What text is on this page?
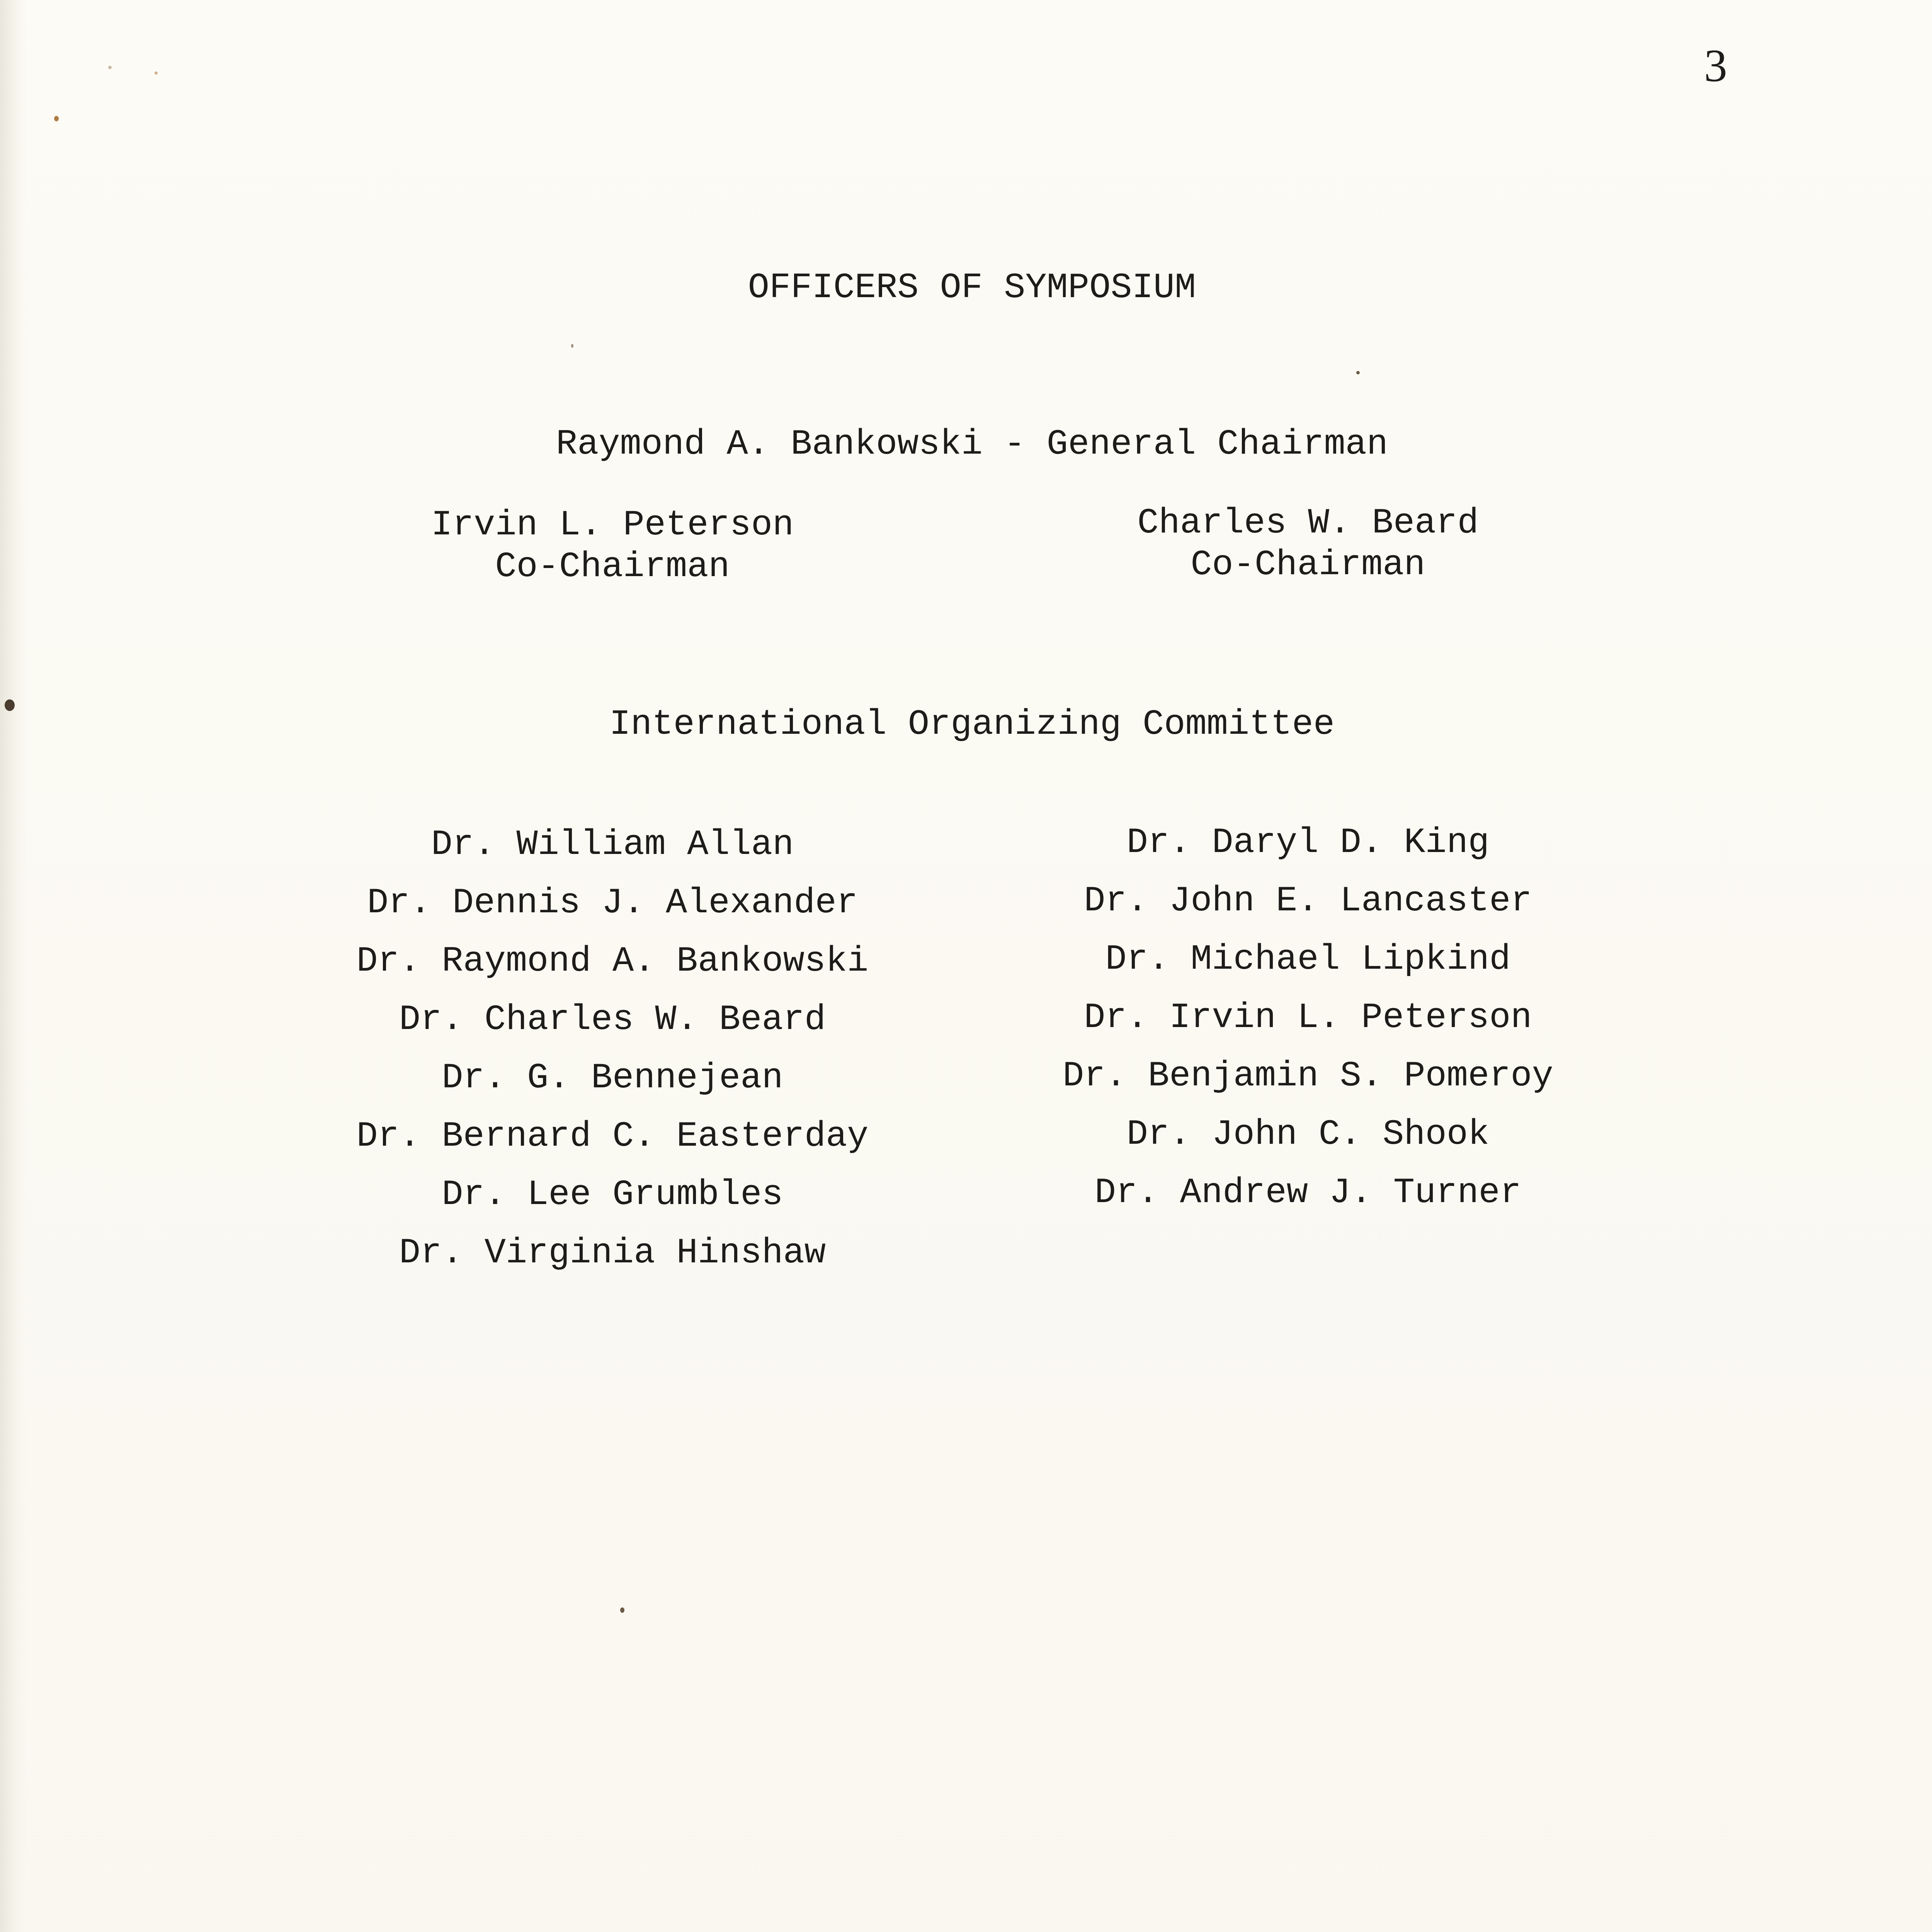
3
OFFICERS OF SYMPOSIUM
Raymond A. Bankowski - General Chairman
Irvin L. Peterson
Co-Chairman
Charles W. Beard
Co-Chairman
International Organizing Committee
Dr. William Allan
Dr. Dennis J. Alexander
Dr. Raymond A. Bankowski
Dr. Charles W. Beard
Dr. G. Bennejean
Dr. Bernard C. Easterday
Dr. Lee Grumbles
Dr. Virginia Hinshaw
Dr. Daryl D. King
Dr. John E. Lancaster
Dr. Michael Lipkind
Dr. Irvin L. Peterson
Dr. Benjamin S. Pomeroy
Dr. John C. Shook
Dr. Andrew J. Turner
